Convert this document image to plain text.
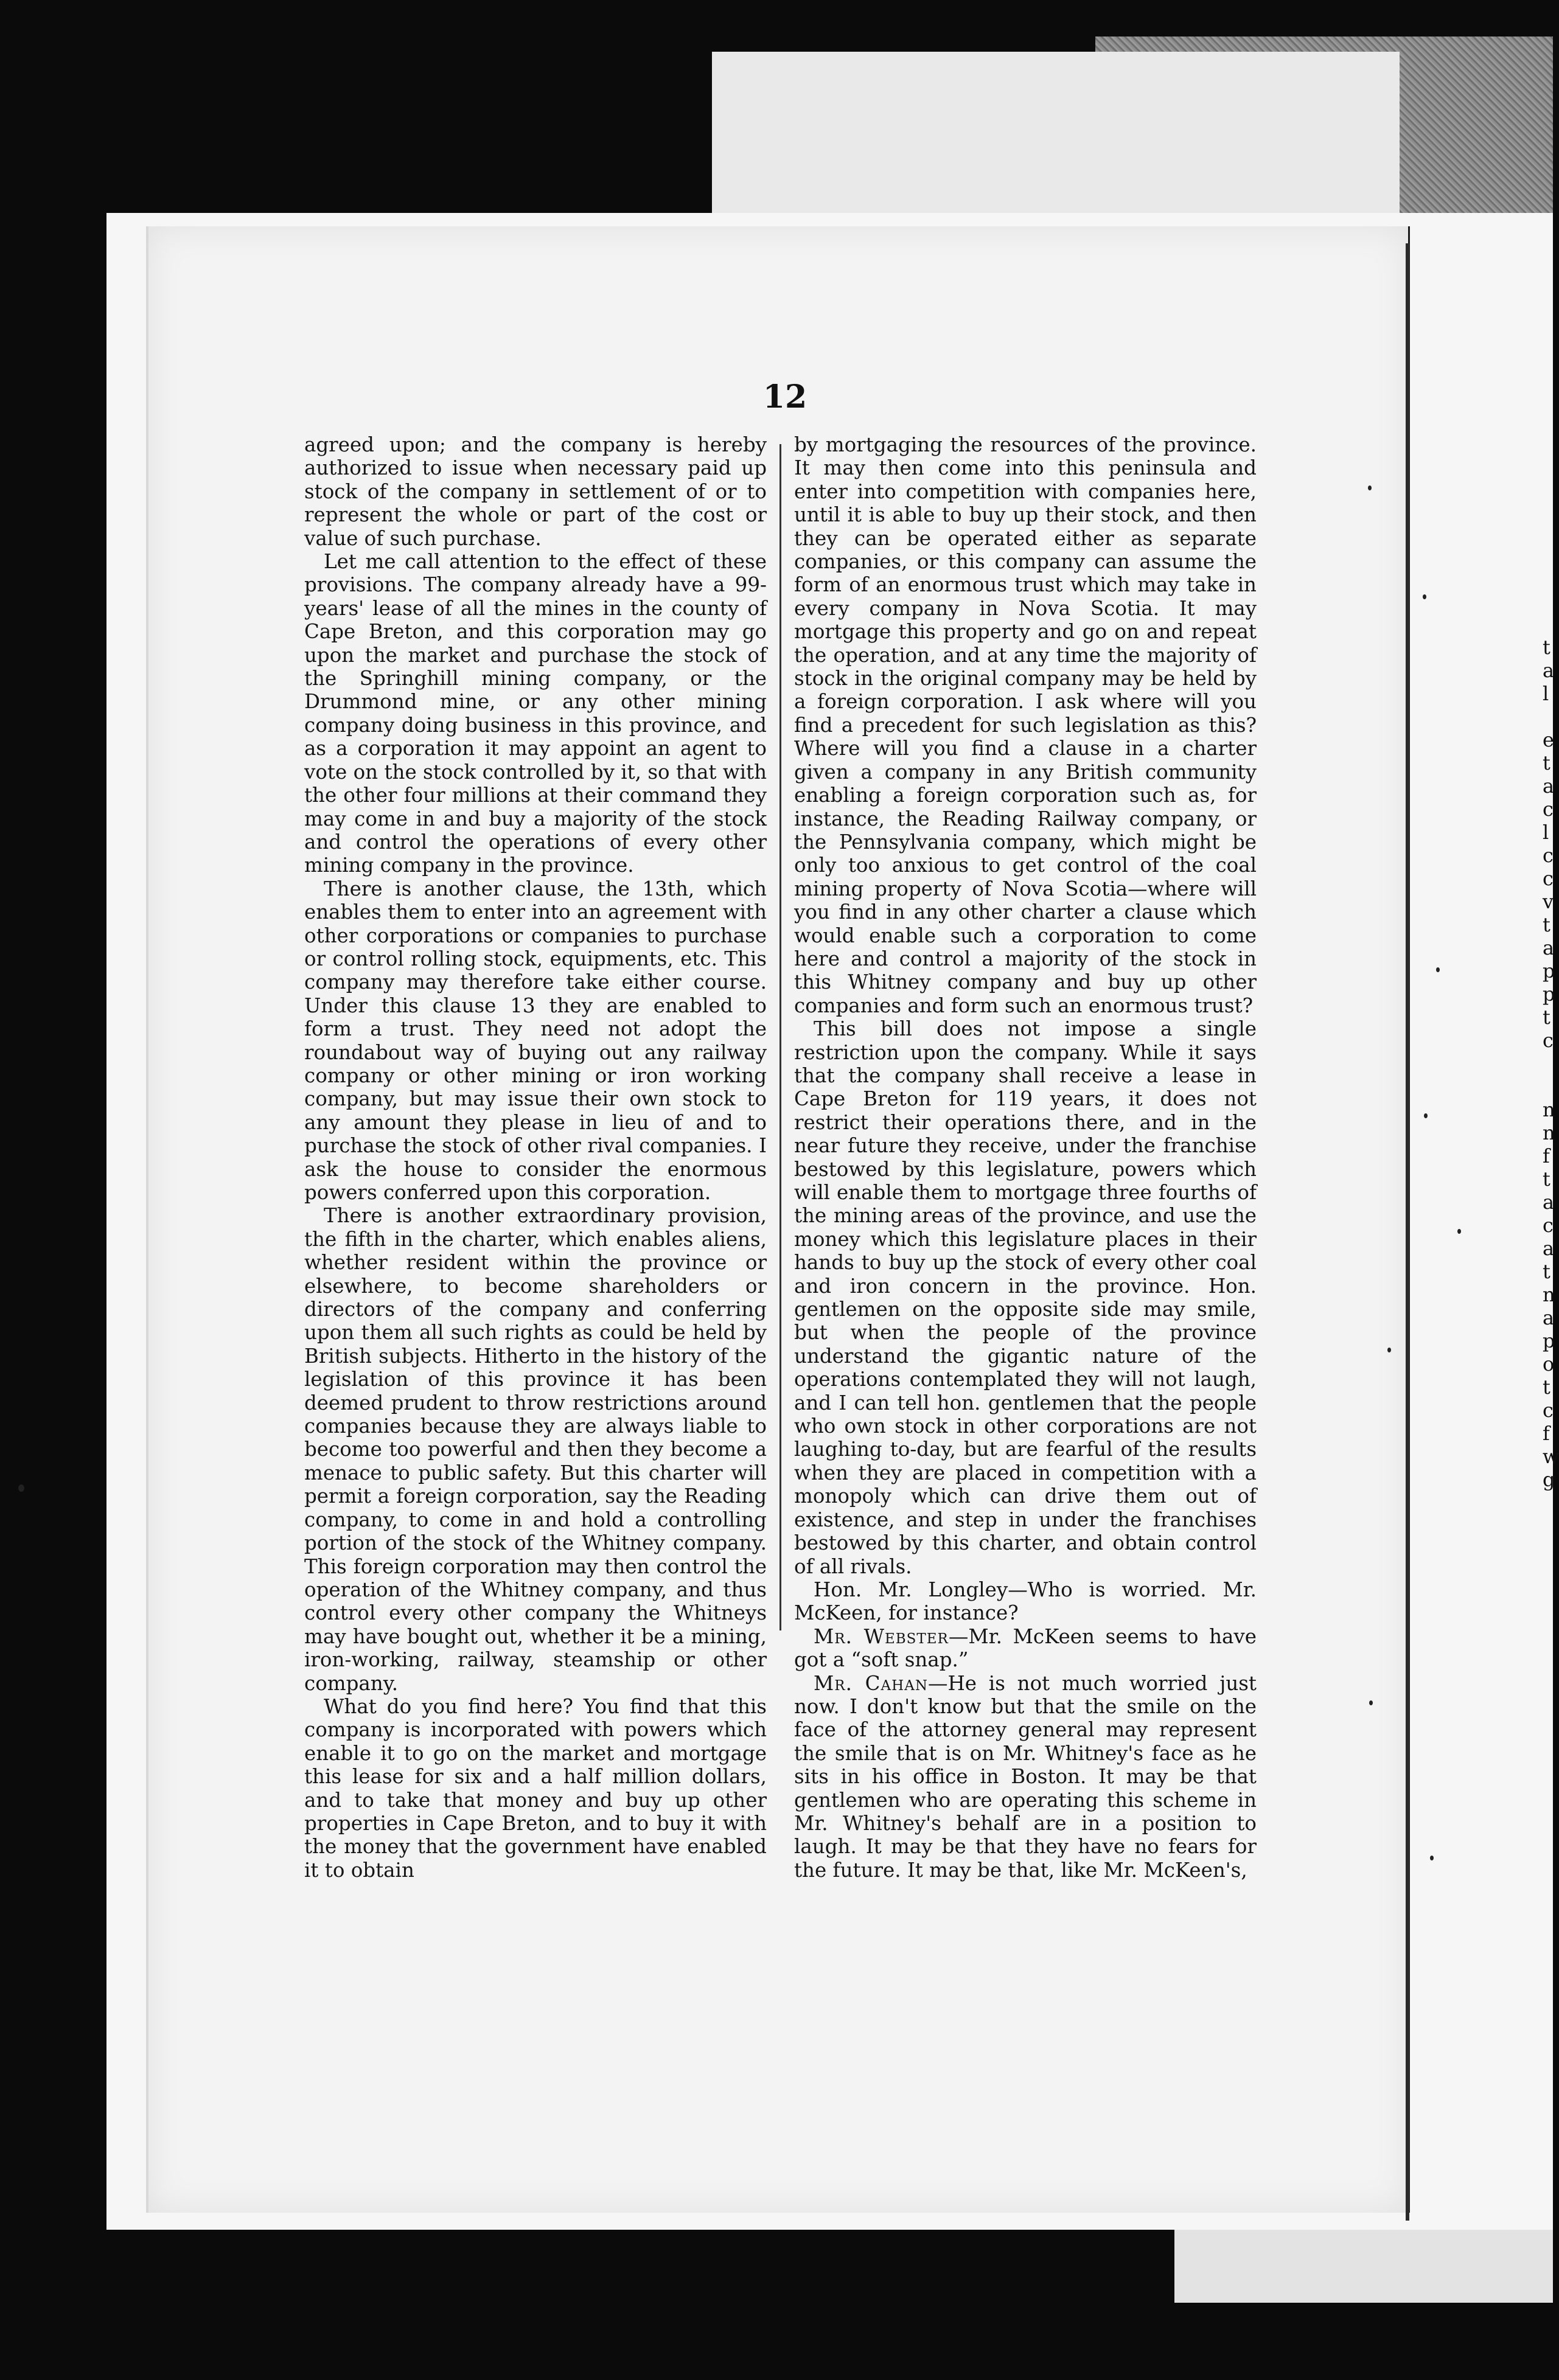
12

agreed upon; and the company is hereby authorized to issue when necessary paid up stock of the company in settlement of or to represent the whole or part of the cost or value of such purchase.

Let me call attention to the effect of these provisions. The company already have a 99-years' lease of all the mines in the county of Cape Breton, and this corporation may go upon the market and purchase the stock of the Springhill mining company, or the Drummond mine, or any other mining company doing business in this province, and as a corporation it may appoint an agent to vote on the stock controlled by it, so that with the other four millions at their command they may come in and buy a majority of the stock and control the operations of every other mining company in the province.

There is another clause, the 13th, which enables them to enter into an agreement with other corporations or companies to purchase or control rolling stock, equipments, etc. This company may therefore take either course. Under this clause 13 they are enabled to form a trust. They need not adopt the roundabout way of buying out any railway company or other mining or iron working company, but may issue their own stock to any amount they please in lieu of and to purchase the stock of other rival companies. I ask the house to consider the enormous powers conferred upon this corporation.

There is another extraordinary provision, the fifth in the charter, which enables aliens, whether resident within the province or elsewhere, to become shareholders or directors of the company and conferring upon them all such rights as could be held by British subjects. Hitherto in the history of the legislation of this province it has been deemed prudent to throw restrictions around companies because they are always liable to become too powerful and then they become a menace to public safety. But this charter will permit a foreign corporation, say the Reading company, to come in and hold a controlling portion of the stock of the Whitney company. This foreign corporation may then control the operation of the Whitney company, and thus control every other company the Whitneys may have bought out, whether it be a mining, iron-working, railway, steamship or other company.

What do you find here? You find that this company is incorporated with powers which enable it to go on the market and mortgage this lease for six and a half million dollars, and to take that money and buy up other properties in Cape Breton, and to buy it with the money that the government have enabled it to obtain

by mortgaging the resources of the province. It may then come into this peninsula and enter into competition with companies here, until it is able to buy up their stock, and then they can be operated either as separate companies, or this company can assume the form of an enormous trust which may take in every company in Nova Scotia. It may mortgage this property and go on and repeat the operation, and at any time the majority of stock in the original company may be held by a foreign corporation. I ask where will you find a precedent for such legislation as this? Where will you find a clause in a charter given a company in any British community enabling a foreign corporation such as, for instance, the Reading Railway company, or the Pennsylvania company, which might be only too anxious to get control of the coal mining property of Nova Scotia—where will you find in any other charter a clause which would enable such a corporation to come here and control a majority of the stock in this Whitney company and buy up other companies and form such an enormous trust?

This bill does not impose a single restriction upon the company. While it says that the company shall receive a lease in Cape Breton for 119 years, it does not restrict their operations there, and in the near future they receive, under the franchise bestowed by this legislature, powers which will enable them to mortgage three fourths of the mining areas of the province, and use the money which this legislature places in their hands to buy up the stock of every other coal and iron concern in the province. Hon. gentlemen on the opposite side may smile, but when the people of the province understand the gigantic nature of the operations contemplated they will not laugh, and I can tell hon. gentlemen that the people who own stock in other corporations are not laughing to-day, but are fearful of the results when they are placed in competition with a monopoly which can drive them out of existence, and step in under the franchises bestowed by this charter, and obtain control of all rivals.

Hon. Mr. Longley—Who is worried. Mr. McKeen, for instance?

Mr. Webster—Mr. McKeen seems to have got a “soft snap.”

Mr. Cahan—He is not much worried just now. I don't know but that the smile on the face of the attorney general may represent the smile that is on Mr. Whitney's face as he sits in his office in Boston. It may be that gentlemen who are operating this scheme in Mr. Whitney's behalf are in a position to laugh. It may be that they have no fears for the future. It may be that, like Mr. McKeen's,

t
a
l
e
t
a
c
l
c
c
v
t
a
p
p
t
c
n
n
f
t
a
c
a
t
n
a
p
o
t
c
f
w
g
